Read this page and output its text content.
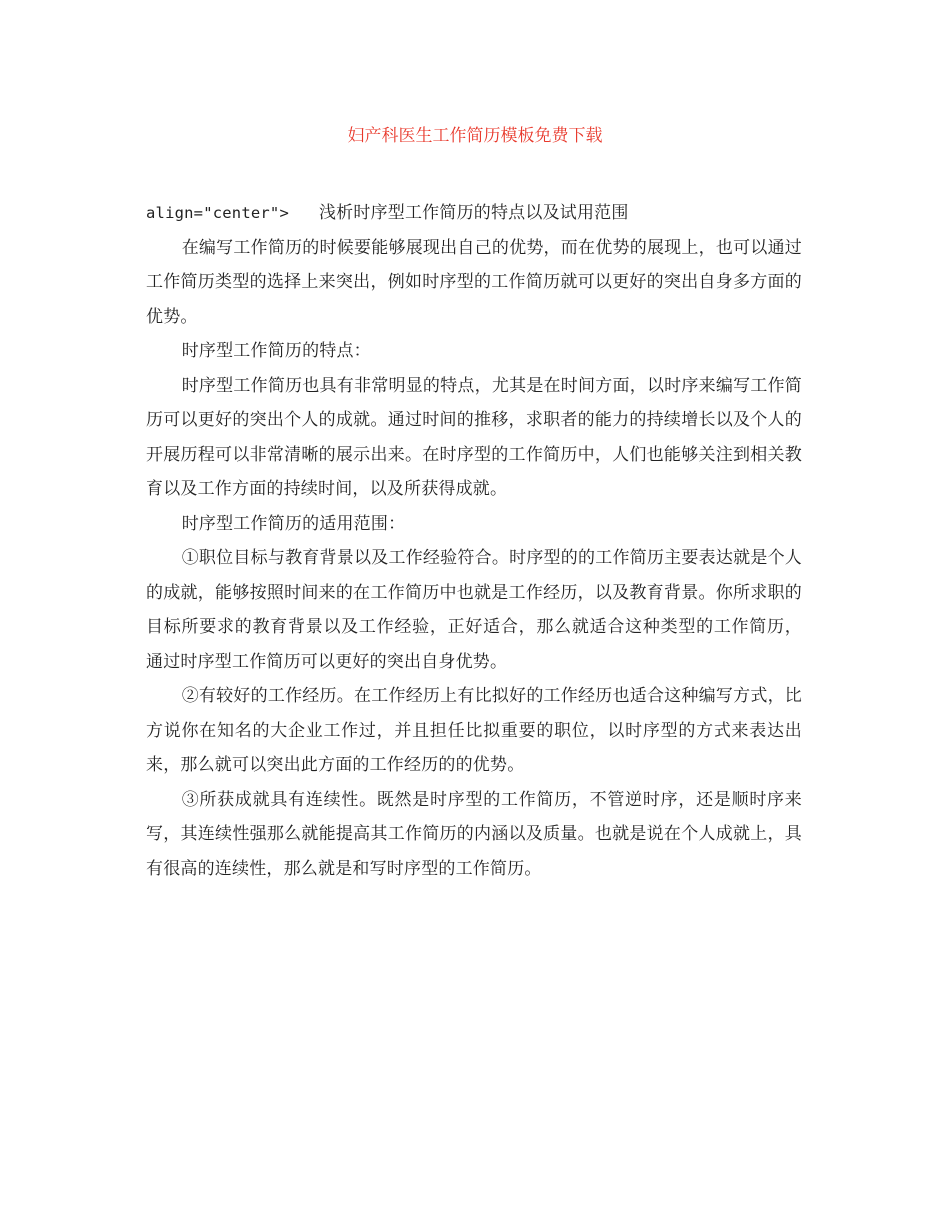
妇产科医生工作简历模板免费下载

align="center"> 浅析时序型工作简历的特点以及试用范围

在编写工作简历的时候要能够展现出自己的优势，而在优势的展现上，也可以通过工作简历类型的选择上来突出，例如时序型的工作简历就可以更好的突出自身多方面的优势。

时序型工作简历的特点：

时序型工作简历也具有非常明显的特点，尤其是在时间方面，以时序来编写工作简历可以更好的突出个人的成就。通过时间的推移，求职者的能力的持续增长以及个人的开展历程可以非常清晰的展示出来。在时序型的工作简历中，人们也能够关注到相关教育以及工作方面的持续时间，以及所获得成就。

时序型工作简历的适用范围：

①职位目标与教育背景以及工作经验符合。时序型的的工作简历主要表达就是个人的成就，能够按照时间来的在工作简历中也就是工作经历，以及教育背景。你所求职的目标所要求的教育背景以及工作经验，正好适合，那么就适合这种类型的工作简历， 通过时序型工作简历可以更好的突出自身优势。

②有较好的工作经历。在工作经历上有比拟好的工作经历也适合这种编写方式，比方说你在知名的大企业工作过，并且担任比拟重要的职位，以时序型的方式来表达出来，那么就可以突出此方面的工作经历的的优势。

③所获成就具有连续性。既然是时序型的工作简历，不管逆时序，还是顺时序来写，其连续性强那么就能提高其工作简历的内涵以及质量。也就是说在个人成就上，具有很高的连续性，那么就是和写时序型的工作简历。
